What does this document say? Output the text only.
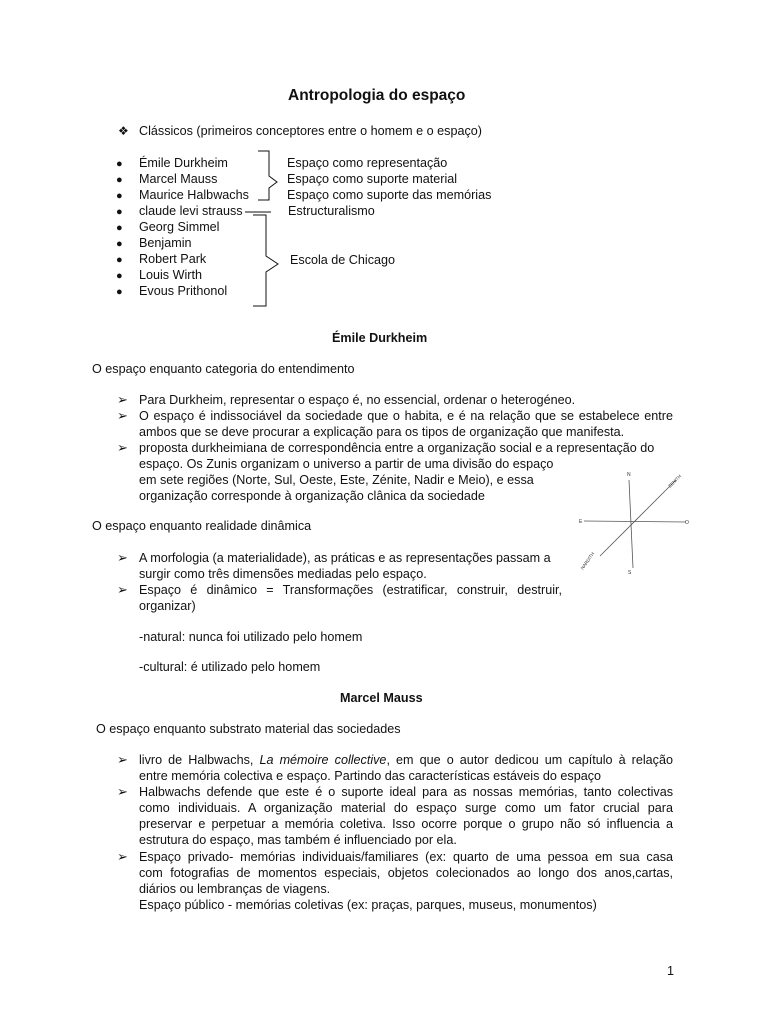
Antropologia do espaço
❖ Clássicos (primeiros conceptores entre o homem e o espaço)
● Émile Durkheim
● Marcel Mauss
● Maurice Halbwachs
● claude levi strauss
● Georg Simmel
● Benjamin
● Robert Park
● Louis Wirth
● Evous Prithonol
Espaço como representação
Espaço como suporte material
Espaço como suporte das memórias
Estructuralismo
Escola de Chicago
Émile Durkheim
O espaço enquanto categoria do entendimento
➢ Para Durkheim, representar o espaço é, no essencial, ordenar o heterogéneo.
➢ O espaço é indissociável da sociedade que o habita, e é na relação que se estabelece entre
ambos que se deve procurar a explicação para os tipos de organização que manifesta.
➢ proposta durkheimiana de correspondência entre a organização social e a representação do
espaço. Os Zunis organizam o universo a partir de uma divisão do espaço
em sete regiões (Norte, Sul, Oeste, Este, Zénite, Nadir e Meio), e essa
organização corresponde à organização clânica da sociedade
N
S
E	O
ZENITH
NARDITH
O espaço enquanto realidade dinâmica
➢ A morfologia (a materialidade), as práticas e as representações passam a
surgir como três dimensões mediadas pelo espaço.
➢ Espaço é dinâmico = Transformações (estratificar, construir, destruir,
organizar)
-natural: nunca foi utilizado pelo homem
-cultural: é utilizado pelo homem
Marcel Mauss
O espaço enquanto substrato material das sociedades
➢ livro de Halbwachs, La mémoire collective, em que o autor dedicou um capítulo à relação
entre memória colectiva e espaço. Partindo das características estáveis do espaço
➢ Halbwachs defende que este é o suporte ideal para as nossas memórias, tanto colectivas
como individuais. A organização material do espaço surge como um fator crucial para
preservar e perpetuar a memória coletiva. Isso ocorre porque o grupo não só influencia a
estrutura do espaço, mas também é influenciado por ela.
➢ Espaço privado- memórias individuais/familiares (ex: quarto de uma pessoa em sua casa
com fotografias de momentos especiais, objetos colecionados ao longo dos anos,cartas,
diários ou lembranças de viagens.
Espaço público - memórias coletivas (ex: praças, parques, museus, monumentos)
1
